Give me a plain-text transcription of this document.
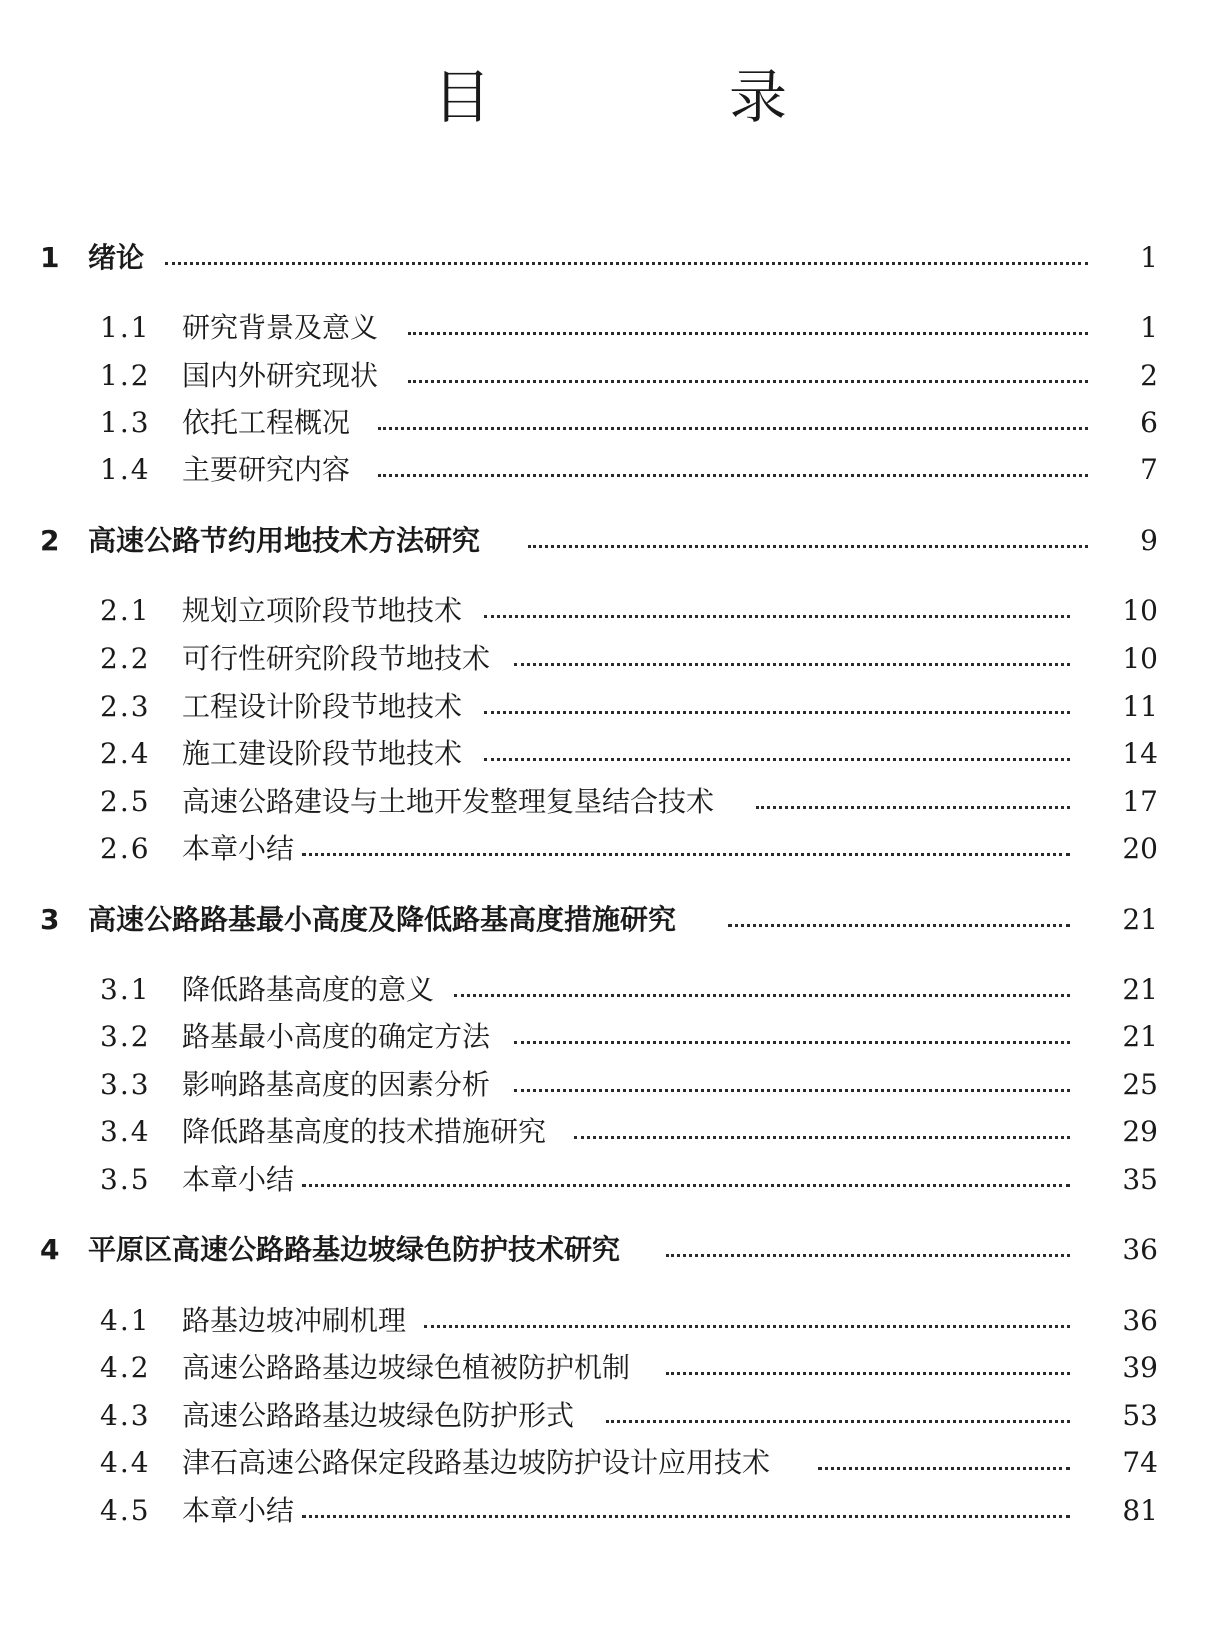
目　录
1 绪论	1
1.1 研究背景及意义	1
1.2 国内外研究现状	2
1.3 依托工程概况	6
1.4 主要研究内容	7
2 高速公路节约用地技术方法研究	9
2.1 规划立项阶段节地技术	10
2.2 可行性研究阶段节地技术	10
2.3 工程设计阶段节地技术	11
2.4 施工建设阶段节地技术	14
2.5 高速公路建设与土地开发整理复垦结合技术	17
2.6 本章小结	20
3 高速公路路基最小高度及降低路基高度措施研究	21
3.1 降低路基高度的意义	21
3.2 路基最小高度的确定方法	21
3.3 影响路基高度的因素分析	25
3.4 降低路基高度的技术措施研究	29
3.5 本章小结	35
4 平原区高速公路路基边坡绿色防护技术研究	36
4.1 路基边坡冲刷机理	36
4.2 高速公路路基边坡绿色植被防护机制	39
4.3 高速公路路基边坡绿色防护形式	53
4.4 津石高速公路保定段路基边坡防护设计应用技术	74
4.5 本章小结	81
